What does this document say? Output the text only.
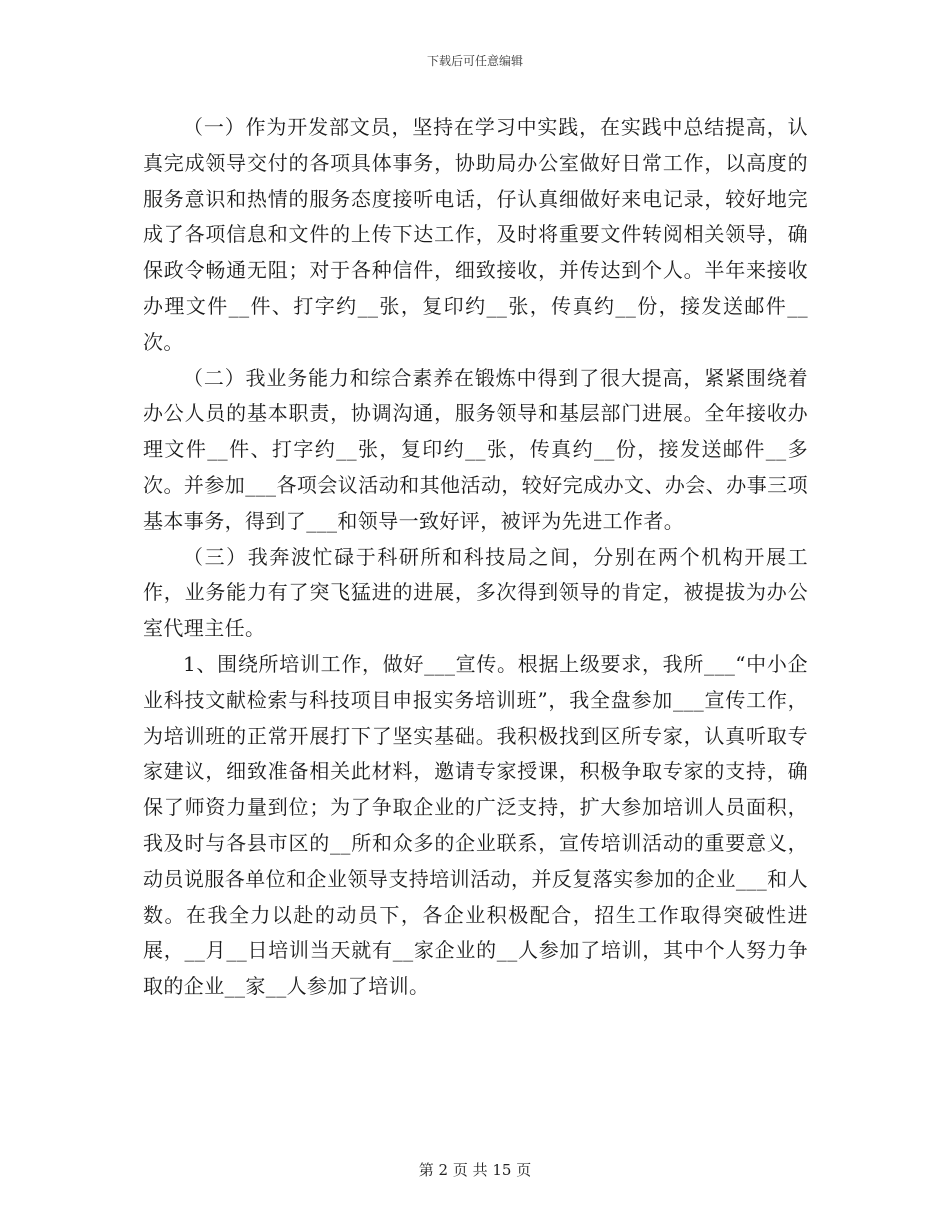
下载后可任意编辑

（一）作为开发部文员，坚持在学习中实践，在实践中总结提高，认真完成领导交付的各项具体事务，协助局办公室做好日常工作，以高度的服务意识和热情的服务态度接听电话，仔认真细做好来电记录，较好地完成了各项信息和文件的上传下达工作，及时将重要文件转阅相关领导，确保政令畅通无阻；对于各种信件，细致接收，并传达到个人。半年来接收办理文件__件、打字约__张，复印约__张，传真约__份，接发送邮件__次。

（二）我业务能力和综合素养在锻炼中得到了很大提高，紧紧围绕着办公人员的基本职责，协调沟通，服务领导和基层部门进展。全年接收办理文件__件、打字约__张，复印约__张，传真约__份，接发送邮件__多次。并参加___各项会议活动和其他活动，较好完成办文、办会、办事三项基本事务，得到了___和领导一致好评，被评为先进工作者。

（三）我奔波忙碌于科研所和科技局之间，分别在两个机构开展工作，业务能力有了突飞猛进的进展，多次得到领导的肯定，被提拔为办公室代理主任。

1、围绕所培训工作，做好___宣传。根据上级要求，我所___“中小企业科技文献检索与科技项目申报实务培训班”，我全盘参加___宣传工作，为培训班的正常开展打下了坚实基础。我积极找到区所专家，认真听取专家建议，细致准备相关此材料，邀请专家授课，积极争取专家的支持，确保了师资力量到位；为了争取企业的广泛支持，扩大参加培训人员面积，我及时与各县市区的__所和众多的企业联系，宣传培训活动的重要意义，动员说服各单位和企业领导支持培训活动，并反复落实参加的企业___和人数。在我全力以赴的动员下，各企业积极配合，招生工作取得突破性进展，__月__日培训当天就有__家企业的__人参加了培训，其中个人努力争取的企业__家__人参加了培训。

第 2 页 共 15 页
